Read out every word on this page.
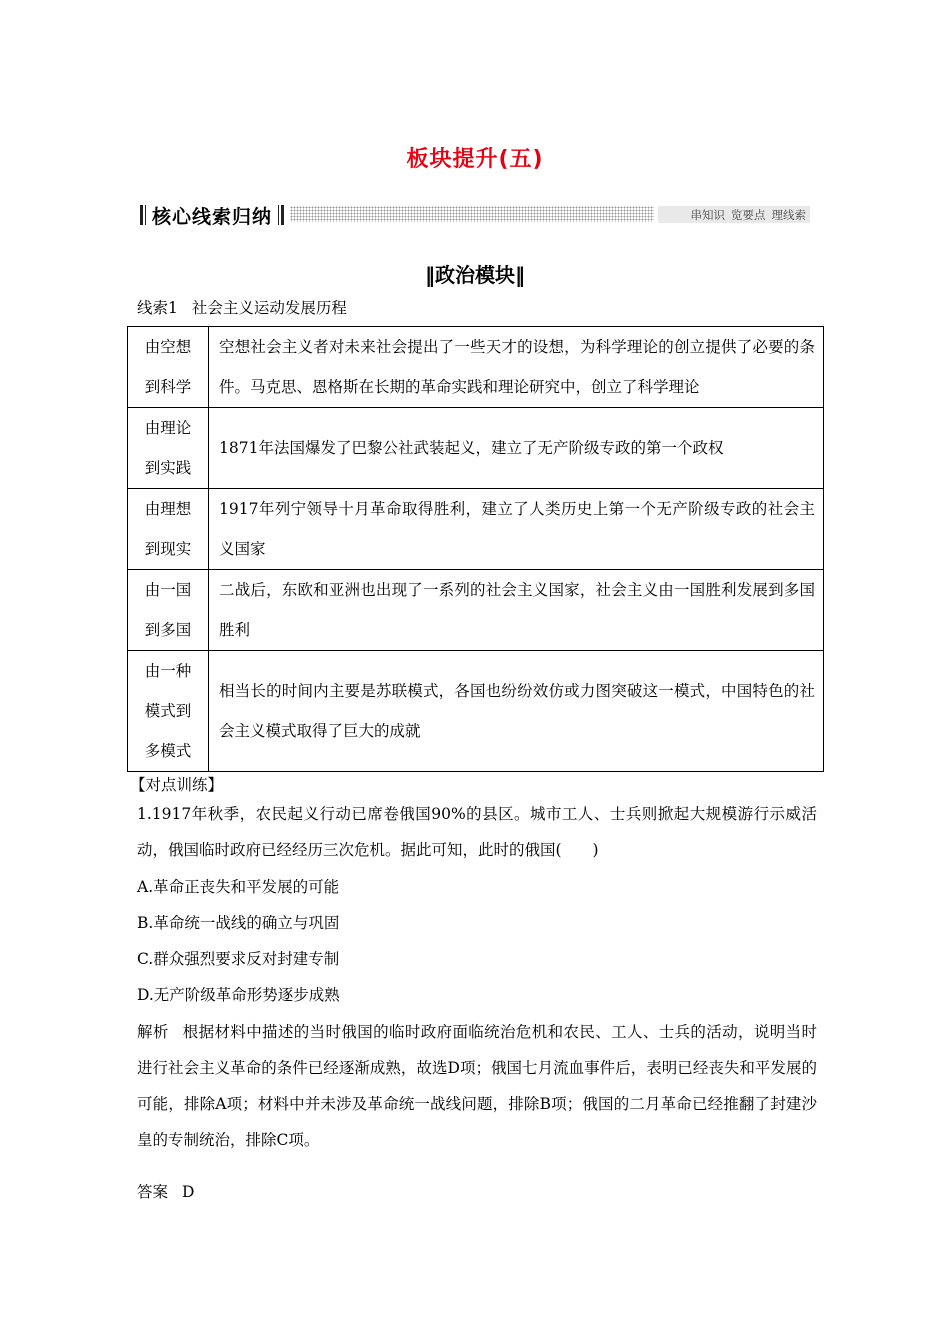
板块提升(五)
核心线索归纳	串知识 览要点 理线索
‖政治模块‖
线索1 社会主义运动发展历程
由空想
到科学	空想社会主义者对未来社会提出了一些天才的设想，为科学理论的创立提供了必要的条件。马克思、恩格斯在长期的革命实践和理论研究中，创立了科学理论

由理论
到实践	1871年法国爆发了巴黎公社武装起义，建立了无产阶级专政的第一个政权

由理想
到现实	1917年列宁领导十月革命取得胜利，建立了人类历史上第一个无产阶级专政的社会主义国家

由一国
到多国	二战后，东欧和亚洲也出现了一系列的社会主义国家，社会主义由一国胜利发展到多国胜利

由一种
模式到
多模式	相当长的时间内主要是苏联模式，各国也纷纷效仿或力图突破这一模式，中国特色的社会主义模式取得了巨大的成就
【对点训练】
1.1917年秋季，农民起义行动已席卷俄国90%的县区。城市工人、士兵则掀起大规模游行示威活动，俄国临时政府已经经历三次危机。据此可知，此时的俄国(　　)
A.革命正丧失和平发展的可能
B.革命统一战线的确立与巩固
C.群众强烈要求反对封建专制
D.无产阶级革命形势逐步成熟
解析 根据材料中描述的当时俄国的临时政府面临统治危机和农民、工人、士兵的活动，说明当时进行社会主义革命的条件已经逐渐成熟，故选D项；俄国七月流血事件后，表明已经丧失和平发展的可能，排除A项；材料中并未涉及革命统一战线问题，排除B项；俄国的二月革命已经推翻了封建沙皇的专制统治，排除C项。
答案 D
